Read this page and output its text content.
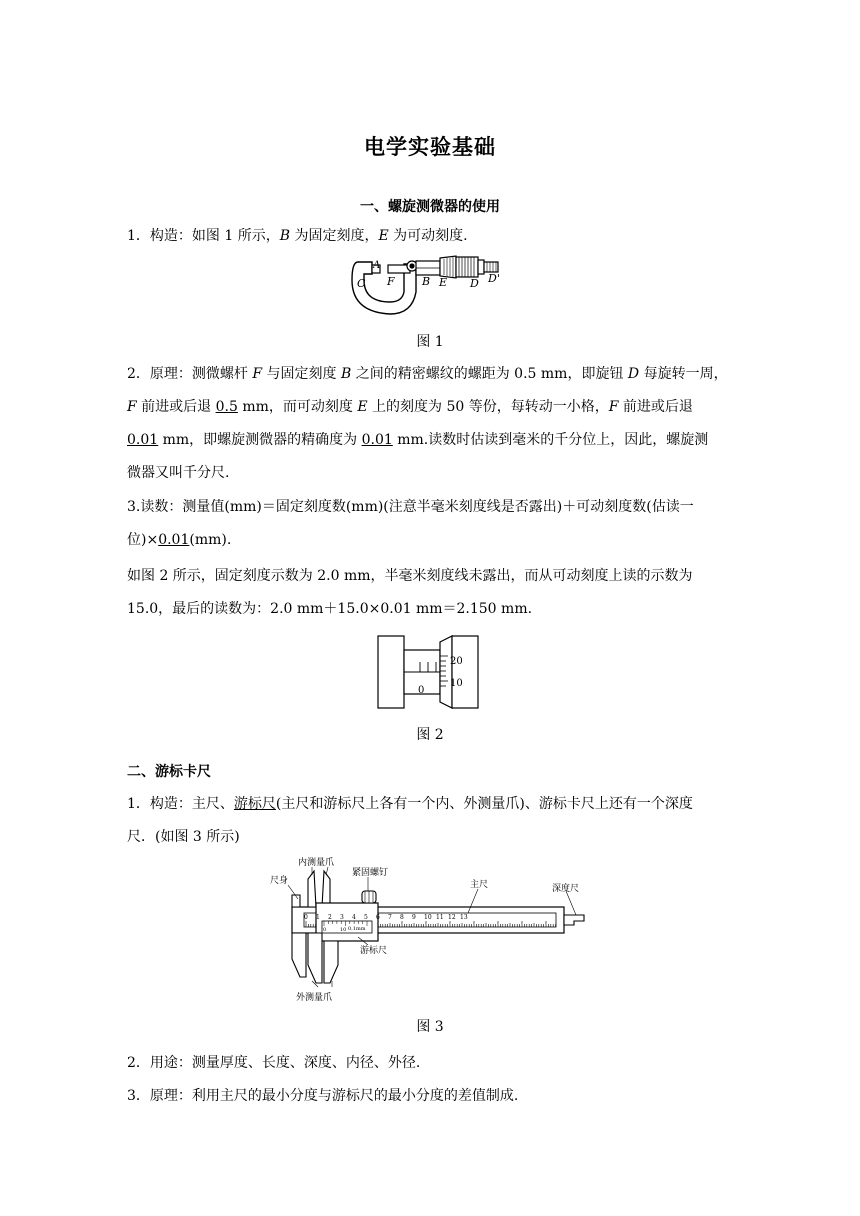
电学实验基础
一、螺旋测微器的使用
1．构造：如图 1 所示，B 为固定刻度，E 为可动刻度.
A
F
C	B E D D'
图 1
2．原理：测微螺杆 F 与固定刻度 B 之间的精密螺纹的螺距为 0.5 mm，即旋钮 D 每旋转一周，
F 前进或后退 0.5 mm，而可动刻度 E 上的刻度为 50 等份，每转动一小格，F 前进或后退
0.01 mm，即螺旋测微器的精确度为 0.01 mm.读数时估读到毫米的千分位上，因此，螺旋测
微器又叫千分尺.
3.读数：测量值(mm)＝固定刻度数(mm)(注意半毫米刻度线是否露出)＋可动刻度数(估读一
位)×0.01(mm).
如图 2 所示，固定刻度示数为 2.0 mm，半毫米刻度线未露出，而从可动刻度上读的示数为
15.0，最后的读数为：2.0 mm＋15.0×0.01 mm＝2.150 mm.
20
10
0
图 2
二、游标卡尺
1．构造：主尺、游标尺(主尺和游标尺上各有一个内、外测量爪)、游标卡尺上还有一个深度
尺．(如图 3 所示)
内测量爪
尺身
紧固螺钉
主尺	深度尺
游标尺
外测量爪
0.1mm
0	10
0 1 2 3 4 5 6 7 8 9 10 11 12 13
图 3
2．用途：测量厚度、长度、深度、内径、外径.
3．原理：利用主尺的最小分度与游标尺的最小分度的差值制成.
